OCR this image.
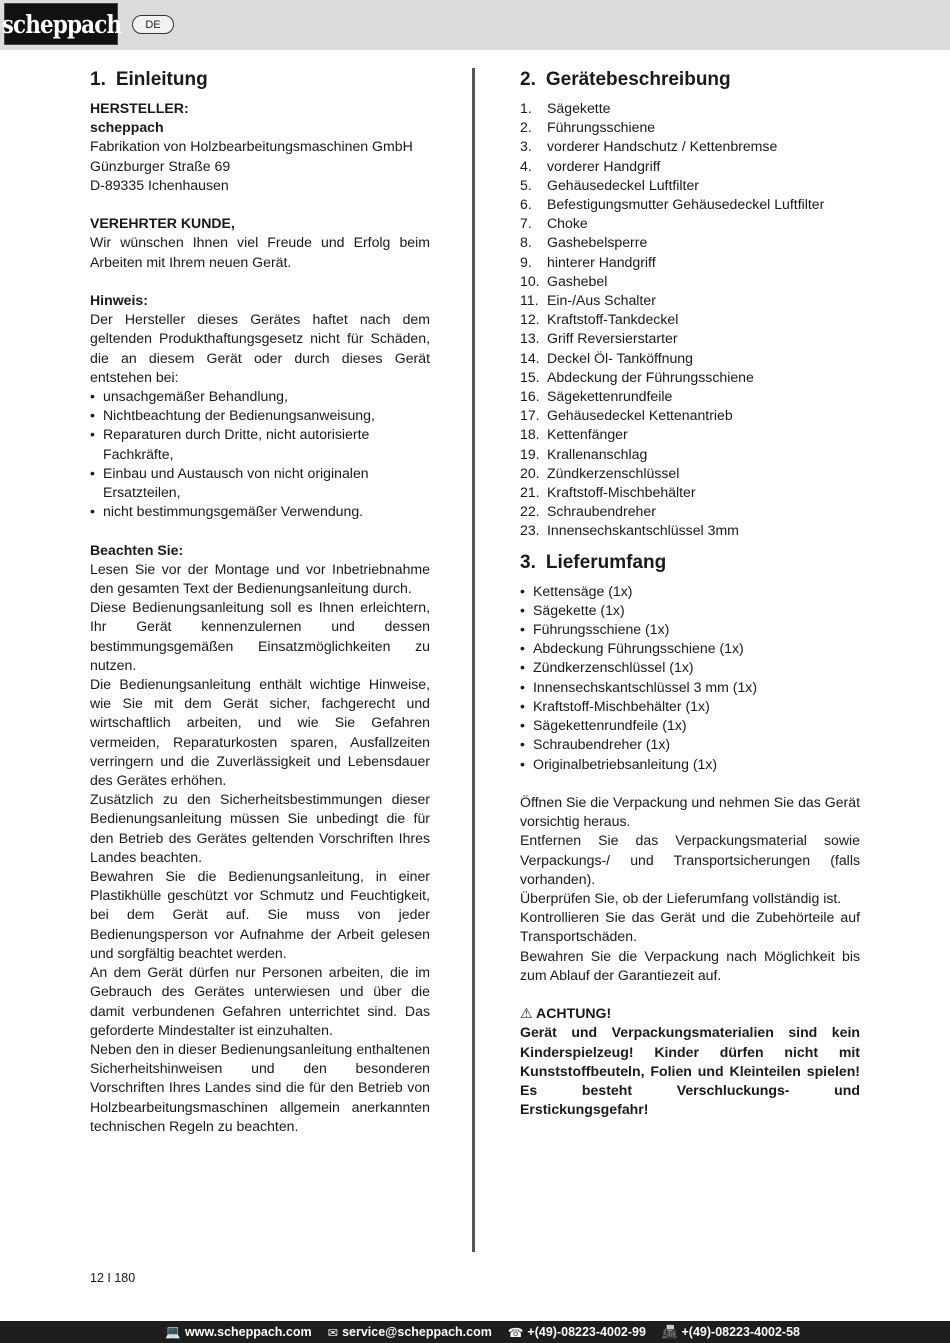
scheppach	DE
1. Einleitung

HERSTELLER:

scheppach

Fabrikation von Holzbearbeitungsmaschinen GmbH

Günzburger Straße 69

D-89335 Ichenhausen

VEREHRTER KUNDE,

Wir wünschen Ihnen viel Freude und Erfolg beim Arbeiten mit Ihrem neuen Gerät.

Hinweis:

Der Hersteller dieses Gerätes haftet nach dem geltenden Produkthaftungsgesetz nicht für Schäden, die an diesem Gerät oder durch dieses Gerät entstehen bei:

• unsachgemäßer Behandlung,
• Nichtbeachtung der Bedienungsanweisung,
• Reparaturen durch Dritte, nicht autorisierte Fachkräfte,
• Einbau und Austausch von nicht originalen Ersatzteilen,
• nicht bestimmungsgemäßer Verwendung.

Beachten Sie:

Lesen Sie vor der Montage und vor Inbetriebnahme den gesamten Text der Bedienungsanleitung durch.

Diese Bedienungsanleitung soll es Ihnen erleichtern, Ihr Gerät kennenzulernen und dessen bestimmungsgemäßen Einsatzmöglichkeiten zu nutzen.

Die Bedienungsanleitung enthält wichtige Hinweise, wie Sie mit dem Gerät sicher, fachgerecht und wirtschaftlich arbeiten, und wie Sie Gefahren vermeiden, Reparaturkosten sparen, Ausfallzeiten verringern und die Zuverlässigkeit und Lebensdauer des Gerätes erhöhen.

Zusätzlich zu den Sicherheitsbestimmungen dieser Bedienungsanleitung müssen Sie unbedingt die für den Betrieb des Gerätes geltenden Vorschriften Ihres Landes beachten.

Bewahren Sie die Bedienungsanleitung, in einer Plastikhülle geschützt vor Schmutz und Feuchtigkeit, bei dem Gerät auf. Sie muss von jeder Bedienungsperson vor Aufnahme der Arbeit gelesen und sorgfältig beachtet werden.

An dem Gerät dürfen nur Personen arbeiten, die im Gebrauch des Gerätes unterwiesen und über die damit verbundenen Gefahren unterrichtet sind. Das geforderte Mindestalter ist einzuhalten.

Neben den in dieser Bedienungsanleitung enthaltenen Sicherheitshinweisen und den besonderen Vorschriften Ihres Landes sind die für den Betrieb von Holzbearbeitungsmaschinen allgemein anerkannten technischen Regeln zu beachten.

2. Gerätebeschreibung
1.	Sägekette
2.	Führungsschiene
3.	vorderer Handschutz / Kettenbremse
4.	vorderer Handgriff
5.	Gehäusedeckel Luftfilter
6.	Befestigungsmutter Gehäusedeckel Luftfilter
7.	Choke
8.	Gashebelsperre
9.	hinterer Handgriff
10. Gashebel
11. Ein-/Aus Schalter
12. Kraftstoff-Tankdeckel
13. Griff Reversierstarter
14. Deckel Öl- Tanköffnung
15. Abdeckung der Führungsschiene
16. Sägekettenrundfeile
17. Gehäusedeckel Kettenantrieb
18. Kettenfänger
19. Krallenanschlag
20. Zündkerzenschlüssel
21. Kraftstoff-Mischbehälter
22. Schraubendreher
23. Innensechskantschlüssel 3mm
3. Lieferumfang
• Kettensäge (1x)
• Sägekette (1x)
• Führungsschiene (1x)
• Abdeckung Führungsschiene (1x)
• Zündkerzenschlüssel (1x)
• Innensechskantschlüssel 3 mm (1x)
• Kraftstoff-Mischbehälter (1x)
• Sägekettenrundfeile (1x)
• Schraubendreher (1x)
• Originalbetriebsanleitung (1x)

Öffnen Sie die Verpackung und nehmen Sie das Gerät vorsichtig heraus.

Entfernen Sie das Verpackungsmaterial sowie Verpackungs-/ und Transportsicherungen (falls vorhanden).

Überprüfen Sie, ob der Lieferumfang vollständig ist.

Kontrollieren Sie das Gerät und die Zubehörteile auf Transportschäden.

Bewahren Sie die Verpackung nach Möglichkeit bis zum Ablauf der Garantiezeit auf.

⚠ ACHTUNG!

Gerät und Verpackungsmaterialien sind kein Kinderspielzeug! Kinder dürfen nicht mit Kunststoffbeuteln, Folien und Kleinteilen spielen! Es besteht Verschluckungs- und Erstickungsgefahr!

12 I 180
💻 www.scheppach.com ✉ service@scheppach.com ☎ +(49)-08223-4002-99 📠 +(49)-08223-4002-58
